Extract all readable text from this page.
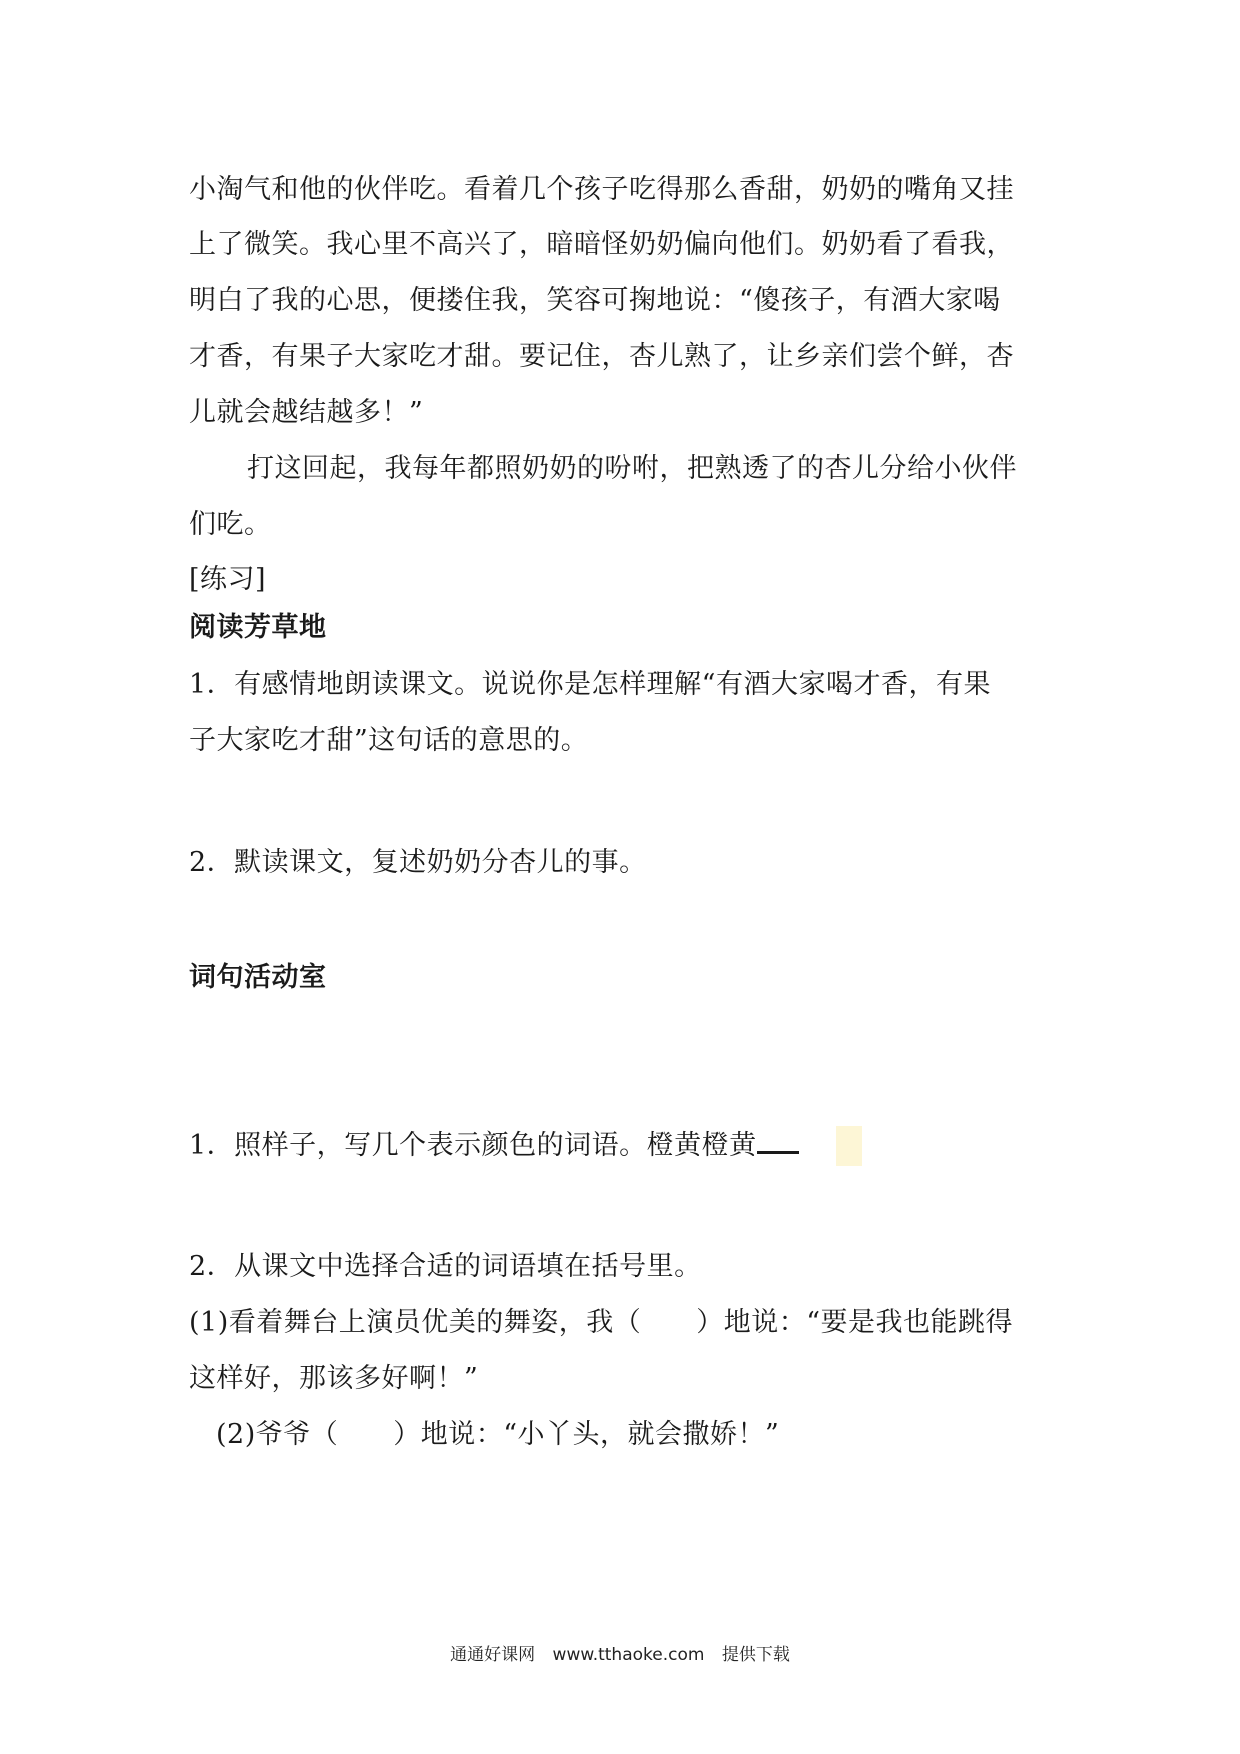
小淘气和他的伙伴吃。看着几个孩子吃得那么香甜，奶奶的嘴角又挂
上了微笑。我心里不高兴了，暗暗怪奶奶偏向他们。奶奶看了看我，
明白了我的心思，便搂住我，笑容可掬地说：“傻孩子，有酒大家喝
才香，有果子大家吃才甜。要记住，杏儿熟了，让乡亲们尝个鲜，杏
儿就会越结越多！”
打这回起，我每年都照奶奶的吩咐，把熟透了的杏儿分给小伙伴
们吃。
[练习]
阅读芳草地
1．有感情地朗读课文。说说你是怎样理解“有酒大家喝才香，有果
子大家吃才甜”这句话的意思的。
2．默读课文，复述奶奶分杏儿的事。
词句活动室
1．照样子，写几个表示颜色的词语。橙黄橙黄
2．从课文中选择合适的词语填在括号里。
(1)看着舞台上演员优美的舞姿，我（　　）地说：“要是我也能跳得
这样好，那该多好啊！”
(2)爷爷（　　）地说：“小丫头，就会撒娇！”
通通好课网 www.tthaoke.com 提供下载
